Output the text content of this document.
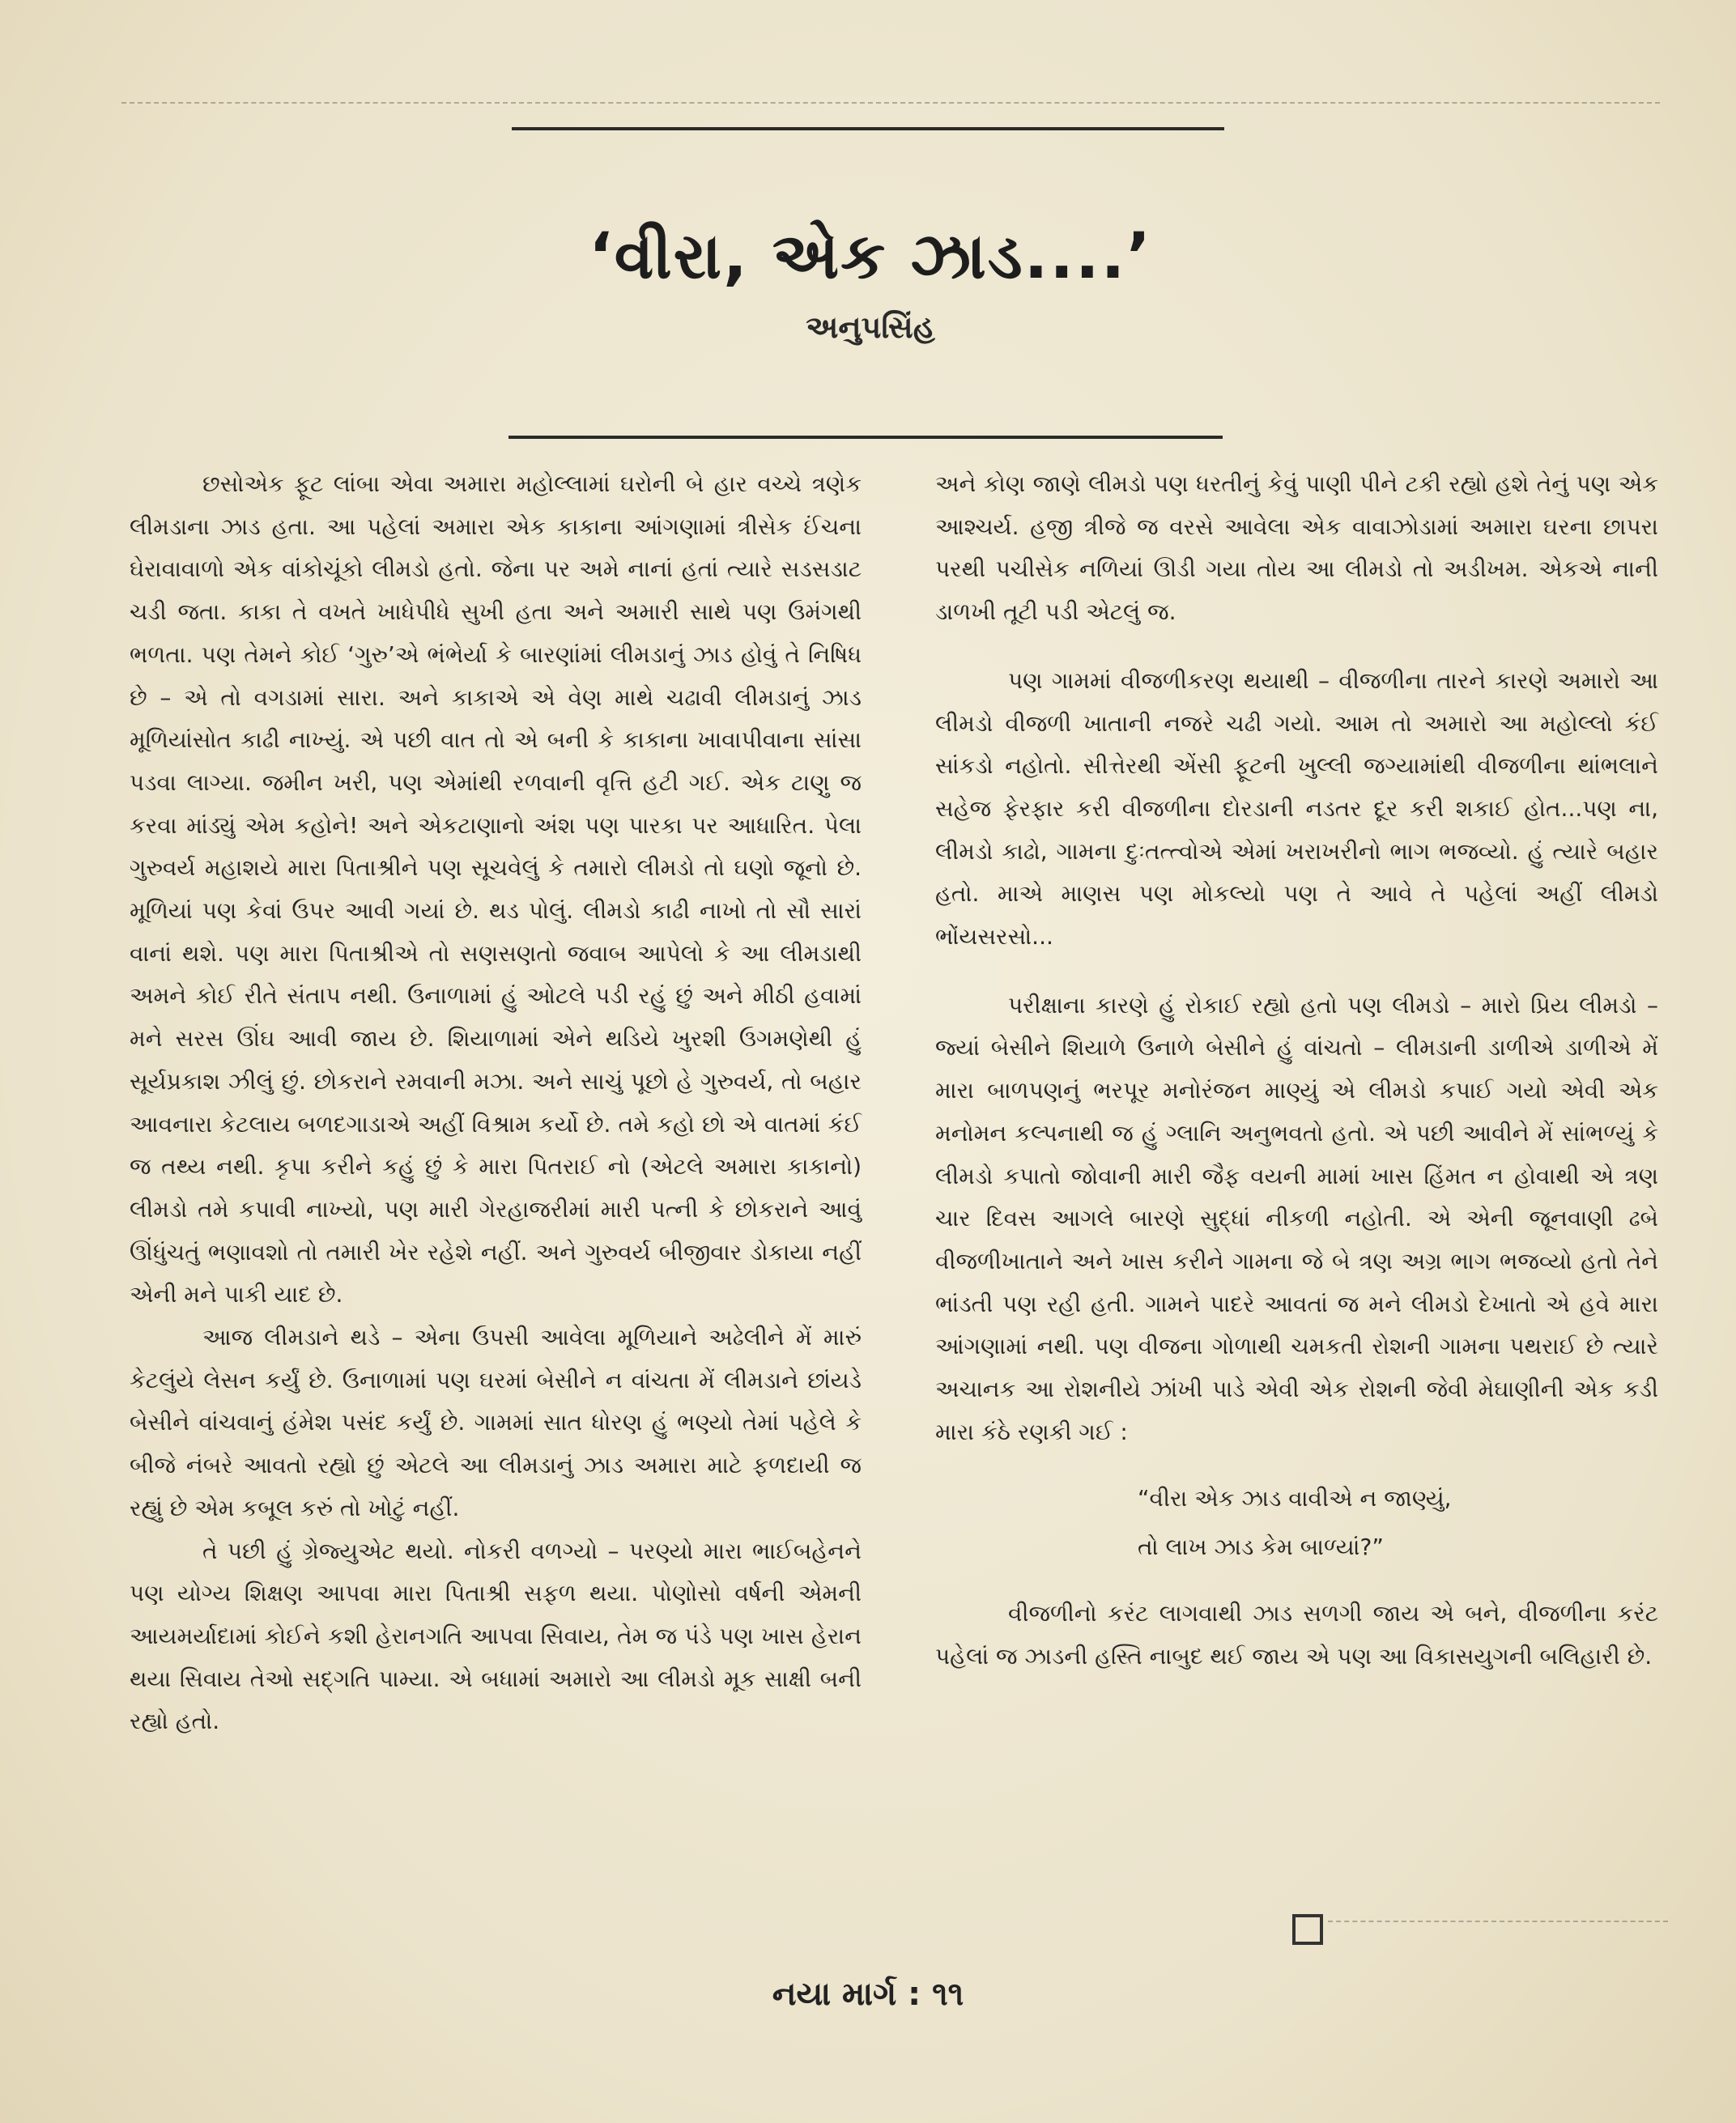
‘વીરા, એક ઝાડ....’
અનુપસિંહ

છસોએક ફૂટ લાંબા એવા અમારા મહોલ્લામાં ઘરોની બે હાર વચ્ચે ત્રણેક લીમડાના ઝાડ હતા. આ પહેલાં અમારા એક કાકાના આંગણામાં ત્રીસેક ઈંચના ઘેરાવાવાળો એક વાંકોચૂંકો લીમડો હતો. જેના પર અમે નાનાં હતાં ત્યારે સડસડાટ ચડી જતા. કાકા તે વખતે ખાધેપીધે સુખી હતા અને અમારી સાથે પણ ઉમંગથી ભળતા. પણ તેમને કોઈ ‘ગુરુ’એ ભંભેર્યા કે બારણાંમાં લીમડાનું ઝાડ હોવું તે નિષિધ છે – એ તો વગડામાં સારા. અને કાકાએ એ વેણ માથે ચઢાવી લીમડાનું ઝાડ મૂળિયાંસોત કાઢી નાખ્યું. એ પછી વાત તો એ બની કે કાકાના ખાવાપીવાના સાંસા પડવા લાગ્યા. જમીન ખરી, પણ એમાંથી રળવાની વૃત્તિ હટી ગઈ. એક ટાણુ જ કરવા માંડ્યું એમ કહોને! અને એકટાણાનો અંશ પણ પારકા પર આધારિત. પેલા ગુરુવર્ય મહાશયે મારા પિતાશ્રીને પણ સૂચવેલું કે તમારો લીમડો તો ઘણો જૂનો છે. મૂળિયાં પણ કેવાં ઉપર આવી ગયાં છે. થડ પોલું. લીમડો કાઢી નાખો તો સૌ સારાં વાનાં થશે. પણ મારા પિતાશ્રીએ તો સણસણતો જવાબ આપેલો કે આ લીમડાથી અમને કોઈ રીતે સંતાપ નથી. ઉનાળામાં હું ઓટલે પડી રહું છું અને મીઠી હવામાં મને સરસ ઊંઘ આવી જાય છે. શિયાળામાં એને થડિયે ખુરશી ઉગમણેથી હું સૂર્યપ્રકાશ ઝીલું છું. છોકરાને રમવાની મઝા. અને સાચું પૂછો હે ગુરુવર્ય, તો બહાર આવનારા કેટલાય બળદગાડાએ અહીં વિશ્રામ કર્યો છે. તમે કહો છો એ વાતમાં કંઈ જ તથ્ય નથી. કૃપા કરીને કહું છું કે મારા પિતરાઈ નો (એટલે અમારા કાકાનો) લીમડો તમે કપાવી નાખ્યો, પણ મારી ગેરહાજરીમાં મારી પત્ની કે છોકરાને આવું ઊંધુંચતું ભણાવશો તો તમારી ખેર રહેશે નહીં. અને ગુરુવર્ય બીજીવાર ડોકાયા નહીં એની મને પાકી યાદ છે.

આજ લીમડાને થડે – એના ઉપસી આવેલા મૂળિયાને અઢેલીને મેં મારું કેટલુંયે લેસન કર્યું છે. ઉનાળામાં પણ ઘરમાં બેસીને ન વાંચતા મેં લીમડાને છાંયડે બેસીને વાંચવાનું હંમેશ પસંદ કર્યું છે. ગામમાં સાત ધોરણ હું ભણ્યો તેમાં પહેલે કે બીજે નંબરે આવતો રહ્યો છું એટલે આ લીમડાનું ઝાડ અમારા માટે ફળદાયી જ રહ્યું છે એમ કબૂલ કરું તો ખોટું નહીં.

તે પછી હું ગ્રેજ્યુએટ થયો. નોકરી વળગ્યો – પરણ્યો મારા ભાઈબહેનને પણ યોગ્ય શિક્ષણ આપવા મારા પિતાશ્રી સફળ થયા. પોણોસો વર્ષની એમની આયમર્યાદામાં કોઈને કશી હેરાનગતિ આપવા સિવાય, તેમ જ પંડે પણ ખાસ હેરાન થયા સિવાય તેઓ સદ્ગતિ પામ્યા. એ બધામાં અમારો આ લીમડો મૂક સાક્ષી બની રહ્યો હતો.

અને કોણ જાણે લીમડો પણ ધરતીનું કેવું પાણી પીને ટકી રહ્યો હશે તેનું પણ એક આશ્ચર્ય. હજી ત્રીજે જ વરસે આવેલા એક વાવાઝોડામાં અમારા ઘરના છાપરા પરથી પચીસેક નળિયાં ઊડી ગયા તોય આ લીમડો તો અડીખમ. એકએ નાની ડાળખી તૂટી પડી એટલું જ.

પણ ગામમાં વીજળીકરણ થયાથી – વીજળીના તારને કારણે અમારો આ લીમડો વીજળી ખાતાની નજરે ચઢી ગયો. આમ તો અમારો આ મહોલ્લો કંઈ સાંકડો નહોતો. સીત્તેરથી એંસી ફૂટની ખુલ્લી જગ્યામાંથી વીજળીના થાંભલાને સહેજ ફેરફાર કરી વીજળીના દોરડાની નડતર દૂર કરી શકાઈ હોત...પણ ના, લીમડો કાઢો, ગામના દુઃતત્ત્વોએ એમાં ખરાખરીનો ભાગ ભજવ્યો. હું ત્યારે બહાર હતો. માએ માણસ પણ મોકલ્યો પણ તે આવે તે પહેલાં અહીં લીમડો ભોંયસરસો...

પરીક્ષાના કારણે હું રોકાઈ રહ્યો હતો પણ લીમડો – મારો પ્રિય લીમડો – જ્યાં બેસીને શિયાળે ઉનાળે બેસીને હું વાંચતો – લીમડાની ડાળીએ ડાળીએ મેં મારા બાળપણનું ભરપૂર મનોરંજન માણ્યું એ લીમડો કપાઈ ગયો એવી એક મનોમન કલ્પનાથી જ હું ગ્લાનિ અનુભવતો હતો. એ પછી આવીને મેં સાંભળ્યું કે લીમડો કપાતો જોવાની મારી જૈફ વયની મામાં ખાસ હિંમત ન હોવાથી એ ત્રણ ચાર દિવસ આગલે બારણે સુદ્ધાં નીકળી નહોતી. એ એની જૂનવાણી ઢબે વીજળીખાતાને અને ખાસ કરીને ગામના જે બે ત્રણ અગ્ર ભાગ ભજવ્યો હતો તેને ભાંડતી પણ રહી હતી. ગામને પાદરે આવતાં જ મને લીમડો દેખાતો એ હવે મારા આંગણામાં નથી. પણ વીજના ગોળાથી ચમકતી રોશની ગામના પથરાઈ છે ત્યારે અચાનક આ રોશનીયે ઝાંખી પાડે એવી એક રોશની જેવી મેઘાણીની એક કડી મારા કંઠે રણકી ગઈ :

“વીરા એક ઝાડ વાવીએ ન જાણ્યું,
તો લાખ ઝાડ કેમ બાળ્યાં?”

વીજળીનો કરંટ લાગવાથી ઝાડ સળગી જાય એ બને, વીજળીના કરંટ પહેલાં જ ઝાડની હસ્તિ નાબુદ થઈ જાય એ પણ આ વિકાસયુગની બલિહારી છે.

નયા માર્ગ : ૧૧
